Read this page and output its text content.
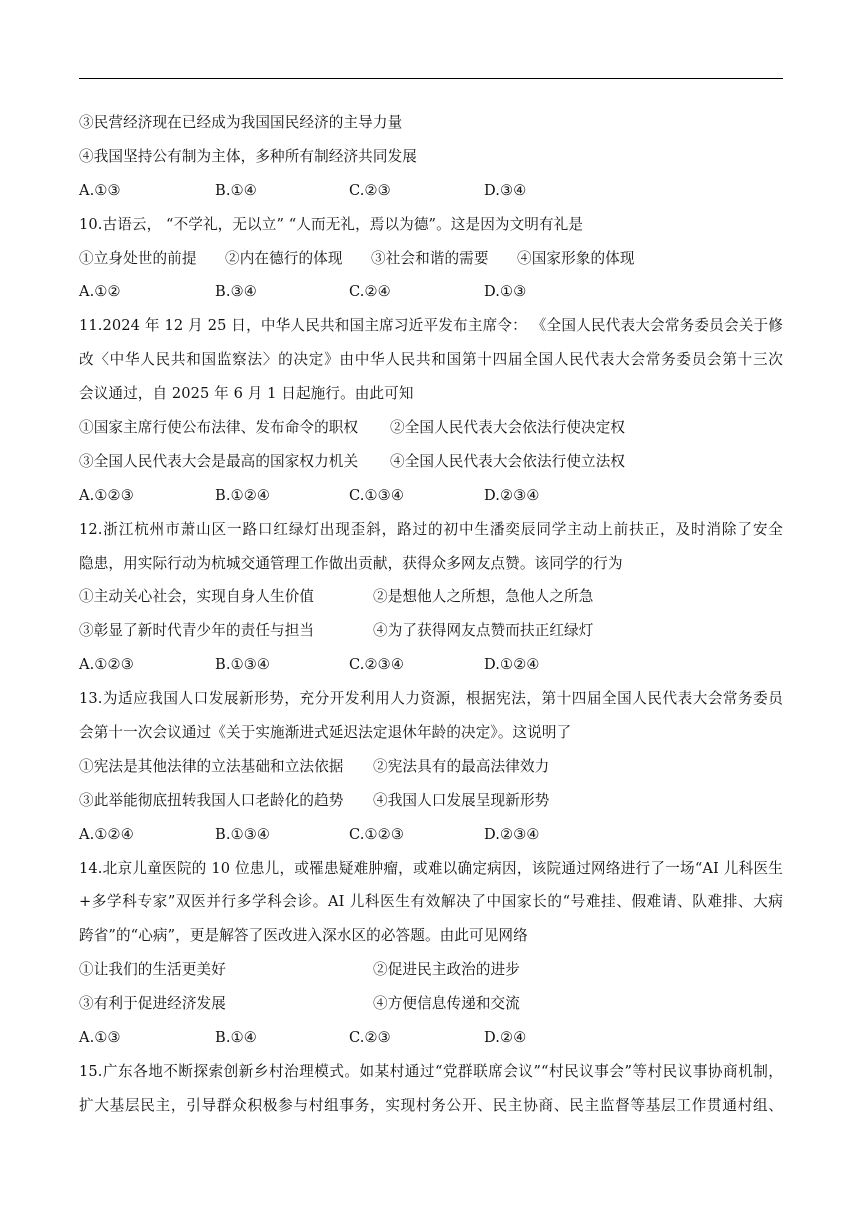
③民营经济现在已经成为我国国民经济的主导力量
④我国坚持公有制为主体，多种所有制经济共同发展
A.①③	B.①④	C.②③	D.③④
10.古语云， “不学礼，无以立” “人而无礼，焉以为德”。这是因为文明有礼是
①立身处世的前提 ②内在德行的体现 ③社会和谐的需要 ④国家形象的体现
A.①②	B.③④	C.②④	D.①③
11.2024 年 12 月 25 日，中华人民共和国主席习近平发布主席令： 《全国人民代表大会常务委员会关于修
改〈中华人民共和国监察法〉的决定》由中华人民共和国第十四届全国人民代表大会常务委员会第十三次
会议通过，自 2025 年 6 月 1 日起施行。由此可知
①国家主席行使公布法律、发布命令的职权 ②全国人民代表大会依法行使决定权
③全国人民代表大会是最高的国家权力机关 ④全国人民代表大会依法行使立法权
A.①②③	B.①②④	C.①③④	D.②③④
12.浙江杭州市萧山区一路口红绿灯出现歪斜，路过的初中生潘奕辰同学主动上前扶正，及时消除了安全
隐患，用实际行动为杭城交通管理工作做出贡献，获得众多网友点赞。该同学的行为
①主动关心社会，实现自身人生价值	②是想他人之所想，急他人之所急
③彰显了新时代青少年的责任与担当	④为了获得网友点赞而扶正红绿灯
A.①②③	B.①③④	C.②③④	D.①②④
13.为适应我国人口发展新形势，充分开发利用人力资源，根据宪法，第十四届全国人民代表大会常务委员
会第十一次会议通过《关于实施渐进式延迟法定退休年龄的决定》。这说明了
①宪法是其他法律的立法基础和立法依据 ②宪法具有的最高法律效力
③此举能彻底扭转我国人口老龄化的趋势 ④我国人口发展呈现新形势
A.①②④	B.①③④	C.①②③	D.②③④
14.北京儿童医院的 10 位患儿，或罹患疑难肿瘤，或难以确定病因，该院通过网络进行了一场“AI 儿科医生
+多学科专家”双医并行多学科会诊。AI 儿科医生有效解决了中国家长的“号难挂、假难请、队难排、大病
跨省”的“心病”，更是解答了医改进入深水区的必答题。由此可见网络
①让我们的生活更美好	②促进民主政治的进步
③有利于促进经济发展	④方便信息传递和交流
A.①③	B.①④	C.②③	D.②④
15.广东各地不断探索创新乡村治理模式。如某村通过“党群联席会议”“村民议事会”等村民议事协商机制，
扩大基层民主，引导群众积极参与村组事务，实现村务公开、民主协商、民主监督等基层工作贯通村组、
